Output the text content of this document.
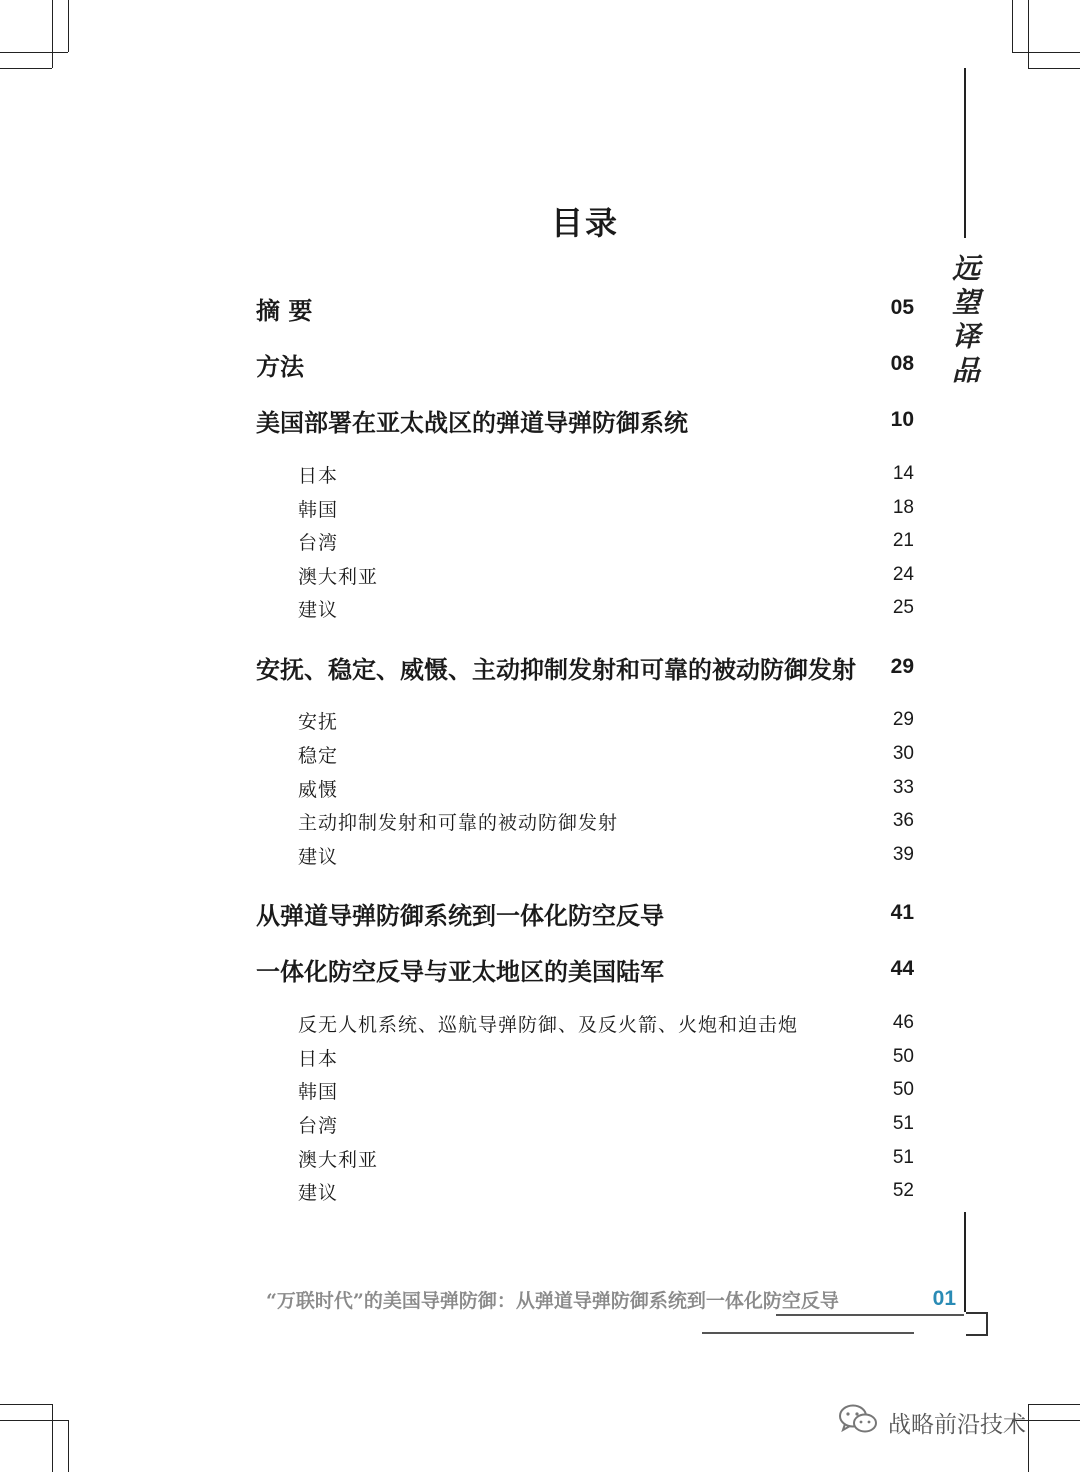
目录
远
望
译
品
摘 要	05
方法	08
美国部署在亚太战区的弹道导弹防御系统	10
日本	14
韩国	18
台湾	21
澳大利亚	24
建议	25
安抚、稳定、威慑、主动抑制发射和可靠的被动防御发射	29
安抚	29
稳定	30
威慑	33
主动抑制发射和可靠的被动防御发射	36
建议	39
从弹道导弹防御系统到一体化防空反导	41
一体化防空反导与亚太地区的美国陆军	44
反无人机系统、巡航导弹防御、及反火箭、火炮和迫击炮	46
日本	50
韩国	50
台湾	51
澳大利亚	51
建议	52
“万联时代”的美国导弹防御：从弹道导弹防御系统到一体化防空反导	01
战略前沿技术
